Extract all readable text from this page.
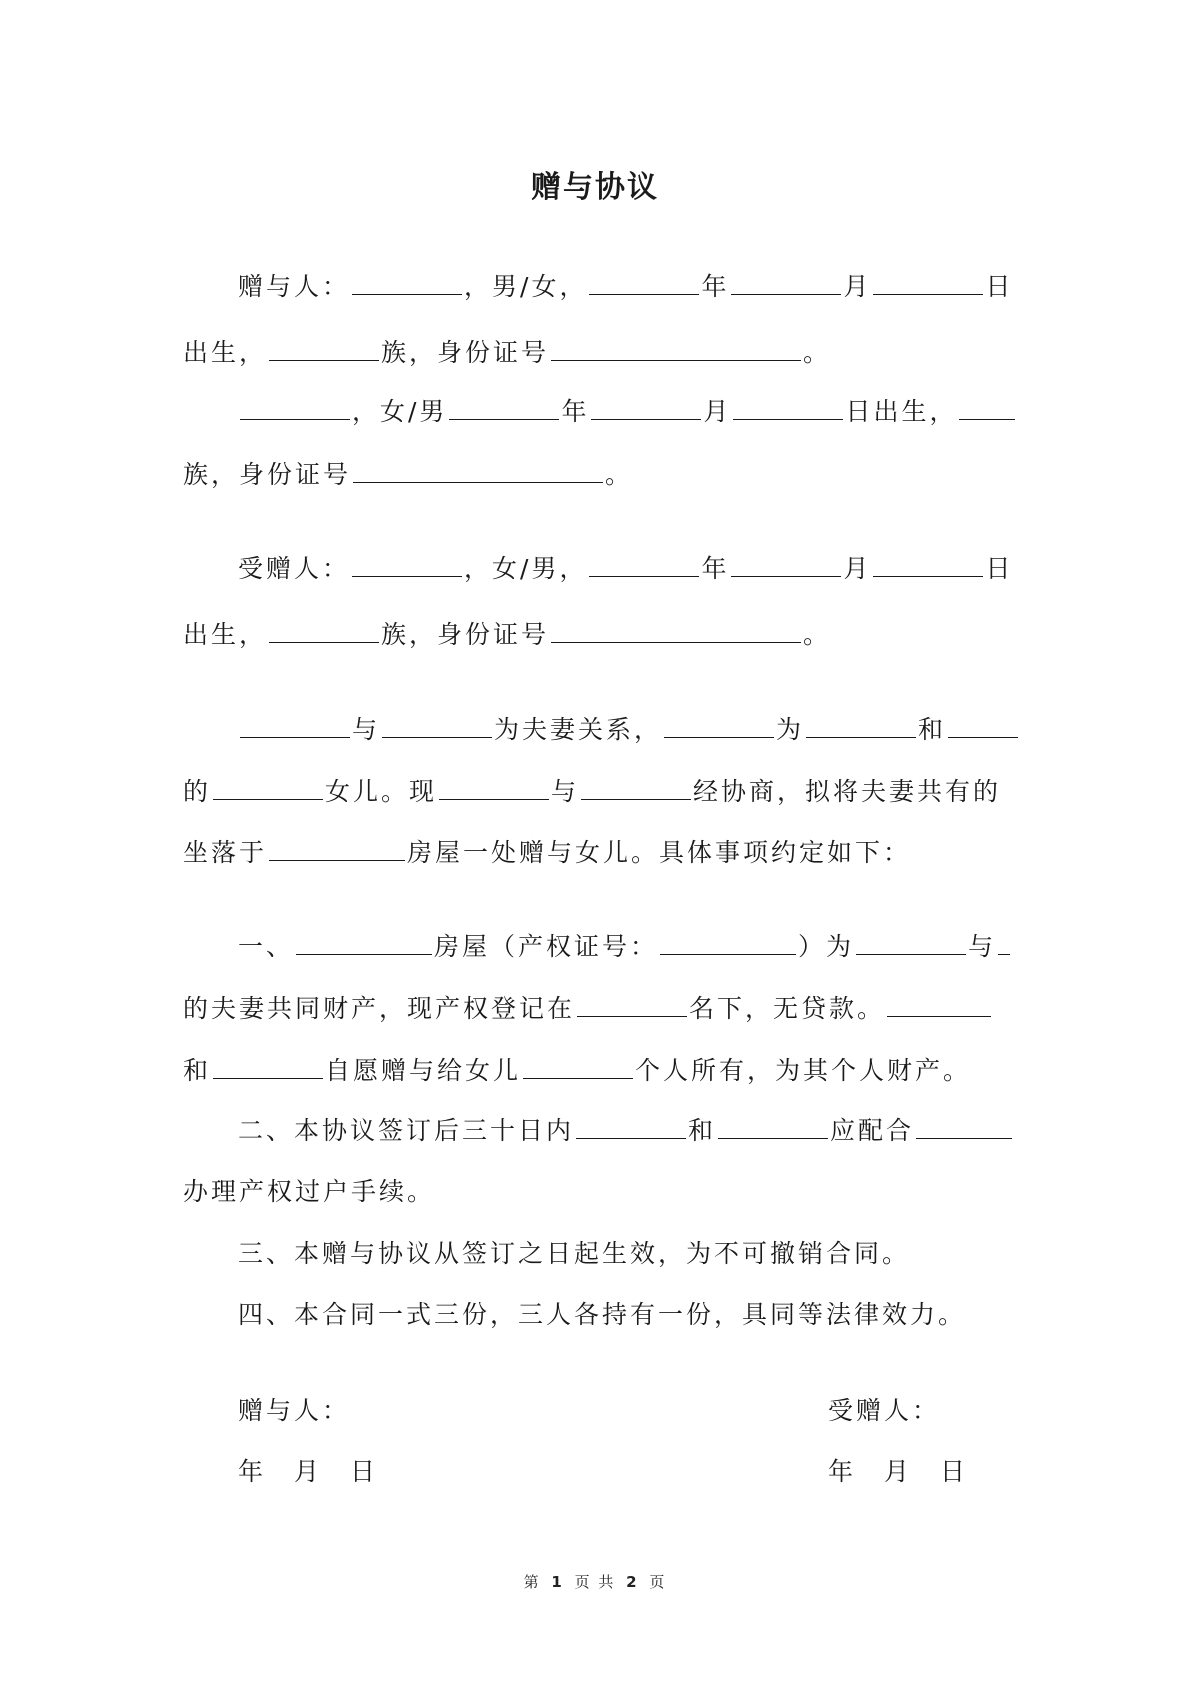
赠与协议
赠与人：	，男/女，	年	月	日
出生，	族，身份证号	。
，女/男	年	月	日出生，
族，身份证号	。
受赠人：	，女/男，	年	月	日
出生，	族，身份证号	。
与	为夫妻关系，	为	和
的	女儿。现	与	经协商，拟将夫妻共有的
坐落于	房屋一处赠与女儿。具体事项约定如下：
一、	房屋（产权证号：	）为	与
的夫妻共同财产，现产权登记在	名下，无贷款。
和	自愿赠与给女儿	个人所有，为其个人财产。
二、本协议签订后三十日内	和	应配合
办理产权过户手续。
三、本赠与协议从签订之日起生效，为不可撤销合同。
四、本合同一式三份，三人各持有一份，具同等法律效力。
赠与人：	受赠人：
年 月 日	年 月 日
第 1 页 共 2 页
